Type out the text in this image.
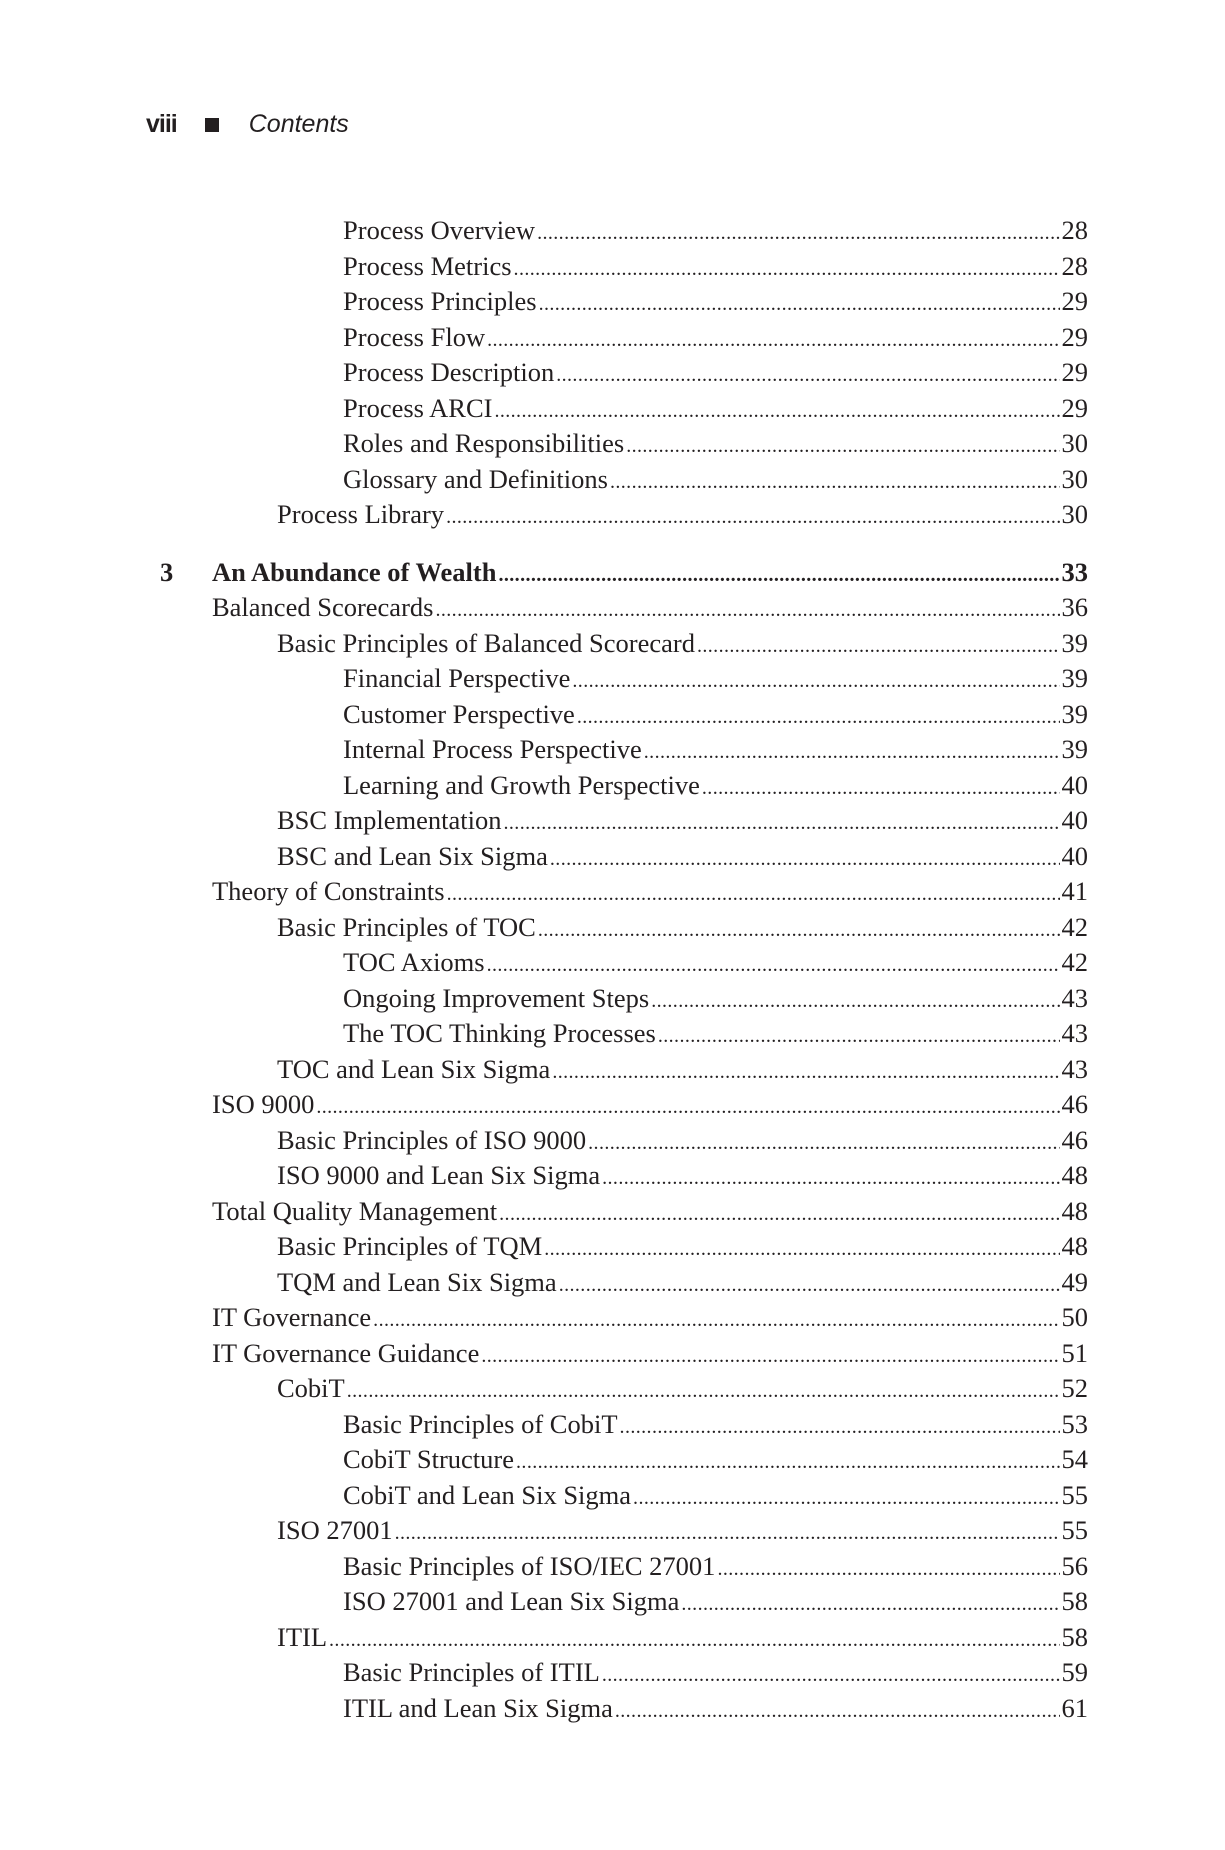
viii	Contents
Process Overview . . .	28
Process Metrics . . .	28
Process Principles . . .	29
Process Flow . . .	29
Process Description . . .	29
Process ARCI . . .	29
Roles and Responsibilities . . .	30
Glossary and Definitions . . .	30
Process Library . . .	30
3	An Abundance of Wealth . . .	33
Balanced Scorecards . . .	36
Basic Principles of Balanced Scorecard . . .	39
Financial Perspective . . .	39
Customer Perspective . . .	39
Internal Process Perspective . . .	39
Learning and Growth Perspective . . .	40
BSC Implementation . . .	40
BSC and Lean Six Sigma . . .	40
Theory of Constraints . . .	41
Basic Principles of TOC . . .	42
TOC Axioms . . .	42
Ongoing Improvement Steps . . .	43
The TOC Thinking Processes . . .	43
TOC and Lean Six Sigma . . .	43
ISO 9000 . . .	46
Basic Principles of ISO 9000 . . .	46
ISO 9000 and Lean Six Sigma . . .	48
Total Quality Management . . .	48
Basic Principles of TQM . . .	48
TQM and Lean Six Sigma . . .	49
IT Governance . . .	50
IT Governance Guidance . . .	51
CobiT . . .	52
Basic Principles of CobiT . . .	53
CobiT Structure . . .	54
CobiT and Lean Six Sigma . . .	55
ISO 27001 . . .	55
Basic Principles of ISO/IEC 27001 . . .	56
ISO 27001 and Lean Six Sigma . . .	58
ITIL . . .	58
Basic Principles of ITIL . . .	59
ITIL and Lean Six Sigma . . .	61
